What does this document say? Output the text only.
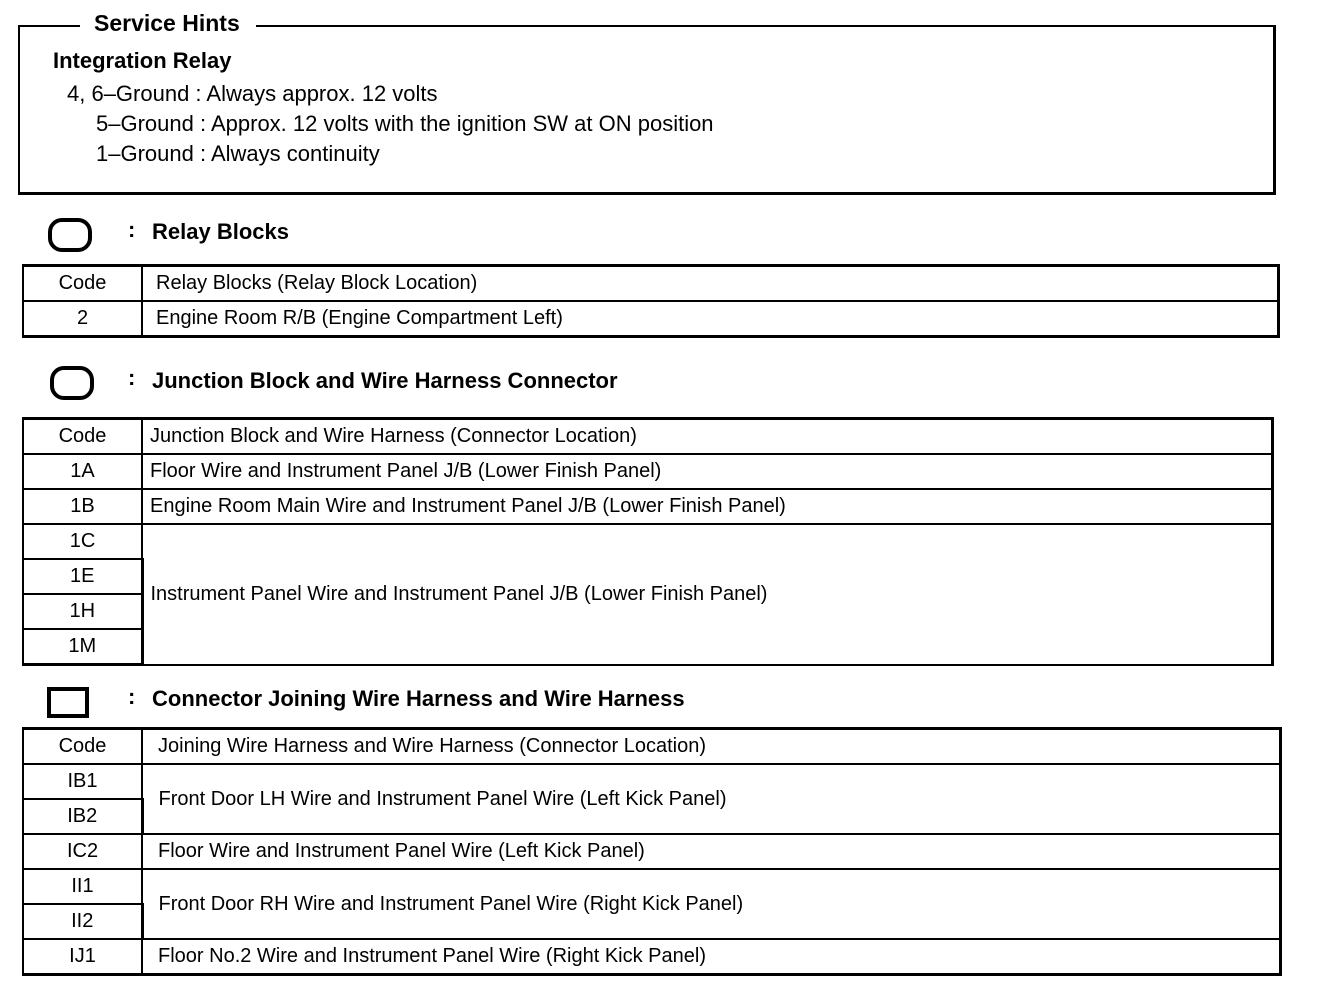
Service Hints
Integration Relay
4, 6–Ground : Always approx. 12 volts
5–Ground : Approx. 12 volts with the ignition SW at ON position
1–Ground : Always continuity
: Relay Blocks
Code	Relay Blocks (Relay Block Location)
2	Engine Room R/B (Engine Compartment Left)
: Junction Block and Wire Harness Connector
Code	Junction Block and Wire Harness (Connector Location)
1A	Floor Wire and Instrument Panel J/B (Lower Finish Panel)
1B	Engine Room Main Wire and Instrument Panel J/B (Lower Finish Panel)
1C	Instrument Panel Wire and Instrument Panel J/B (Lower Finish Panel)
1E	
1H	
1M	
: Connector Joining Wire Harness and Wire Harness
Code	Joining Wire Harness and Wire Harness (Connector Location)
IB1	Front Door LH Wire and Instrument Panel Wire (Left Kick Panel)
IB2	
IC2	Floor Wire and Instrument Panel Wire (Left Kick Panel)
II1	Front Door RH Wire and Instrument Panel Wire (Right Kick Panel)
II2	
IJ1	Floor No.2 Wire and Instrument Panel Wire (Right Kick Panel)
